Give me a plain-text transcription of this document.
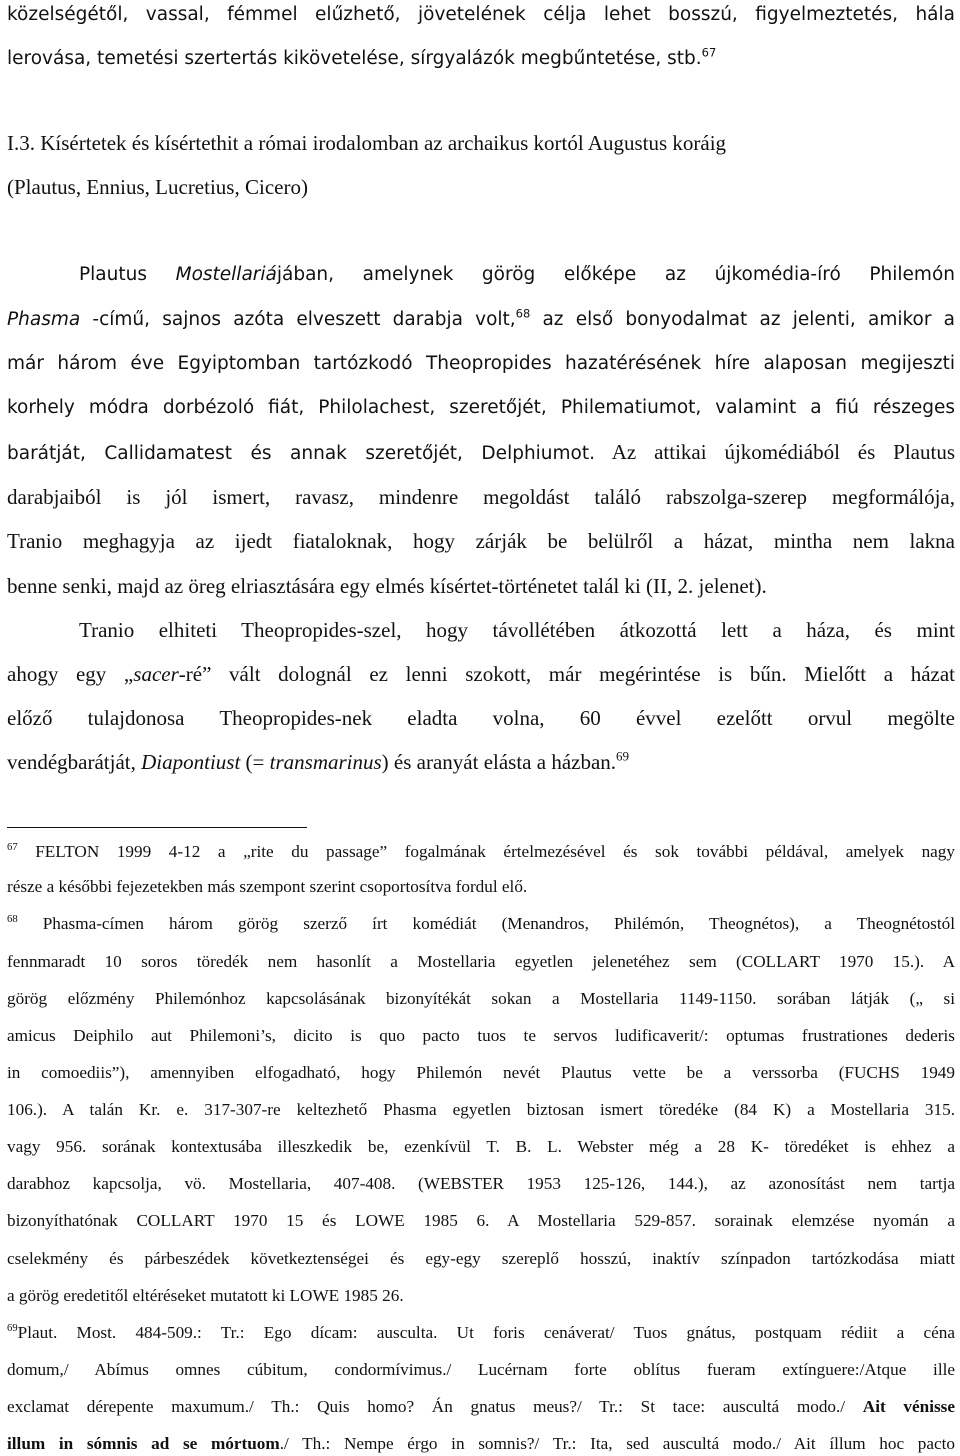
közelségétől, vassal, fémmel elűzhető, jövetelének célja lehet bosszú, figyelmeztetés, hála
lerovása, temetési szertertás kikövetelése, sírgyalázók megbűntetése, stb.$^{67}$
I.3. Kísértetek és kísértethit a római irodalomban az archaikus kortól Augustus koráig
(Plautus, Ennius, Lucretius, Cicero)
Plautus Mostellariájában, amelynek görög előképe az újkomédia-író Philemón
Phasma -című, sajnos azóta elveszett darabja volt,$^{68}$ az első bonyodalmat az jelenti, amikor a
már három éve Egyiptomban tartózkodó Theopropides hazatérésének híre alaposan megijeszti
korhely módra dorbézoló fiát, Philolachest, szeretőjét, Philematiumot, valamint a fiú részeges
barátját, Callidamatest és annak szeretőjét, Delphiumot. Az attikai újkomédiából és Plautus
darabjaiból is jól ismert, ravasz, mindenre megoldást találó rabszolga-szerep megformálója,
Tranio meghagyja az ijedt fiataloknak, hogy zárják be belülről a házat, mintha nem lakna
benne senki, majd az öreg elriasztására egy elmés kísértet-történetet talál ki (II, 2. jelenet).
Tranio elhiteti Theopropides-szel, hogy távollétében átkozottá lett a háza, és mint
ahogy egy „sacer-ré” vált dolognál ez lenni szokott, már megérintése is bűn. Mielőtt a házat
előző tulajdonosa Theopropides-nek eladta volna, 60 évvel ezelőtt orvul megölte
vendégbarátját, Diapontiust (= transmarinus) és aranyát elásta a házban.$^{69}$
$^{67}$ FELTON 1999 4-12 a „rite du passage” fogalmának értelmezésével és sok további példával, amelyek nagy
része a későbbi fejezetekben más szempont szerint csoportosítva fordul elő.
$^{68}$ Phasma-címen három görög szerző írt komédiát (Menandros, Philémón, Theognétos), a Theognétostól
fennmaradt 10 soros töredék nem hasonlít a Mostellaria egyetlen jelenetéhez sem (COLLART 1970 15.). A
görög előzmény Philemónhoz kapcsolásának bizonyítékát sokan a Mostellaria 1149-1150. sorában látják („ si
amicus Deiphilo aut Philemoni’s, dicito is quo pacto tuos te servos ludificaverit/: optumas frustrationes dederis
in comoediis”), amennyiben elfogadható, hogy Philemón nevét Plautus vette be a verssorba (FUCHS 1949
106.). A talán Kr. e. 317-307-re keltezhető Phasma egyetlen biztosan ismert töredéke (84 K) a Mostellaria 315.
vagy 956. sorának kontextusába illeszkedik be, ezenkívül T. B. L. Webster még a 28 K- töredéket is ehhez a
darabhoz kapcsolja, vö. Mostellaria, 407-408. (WEBSTER 1953 125-126, 144.), az azonosítást nem tartja
bizonyíthatónak COLLART 1970 15 és LOWE 1985 6. A Mostellaria 529-857. sorainak elemzése nyomán a
cselekmény és párbeszédek következtenségei és egy-egy szereplő hosszú, inaktív színpadon tartózkodása miatt
a görög eredetitől eltéréseket mutatott ki LOWE 1985 26.
$^{69}$Plaut. Most. 484-509.: Tr.: Ego dícam: ausculta. Ut foris cenáverat/ Tuos gnátus, postquam rédiit a céna
domum,/ Abímus omnes cúbitum, condormívimus./ Lucérnam forte oblítus fueram extínguere:/Atque ille
exclamat dérepente maxumum./ Th.: Quis homo? Án gnatus meus?/ Tr.: St tace: auscultá modo./ Ait vénisse
illum in sómnis ad se mórtuom./ Th.: Nempe érgo in somnis?/ Tr.: Ita, sed auscultá modo./ Ait íllum hoc pacto
